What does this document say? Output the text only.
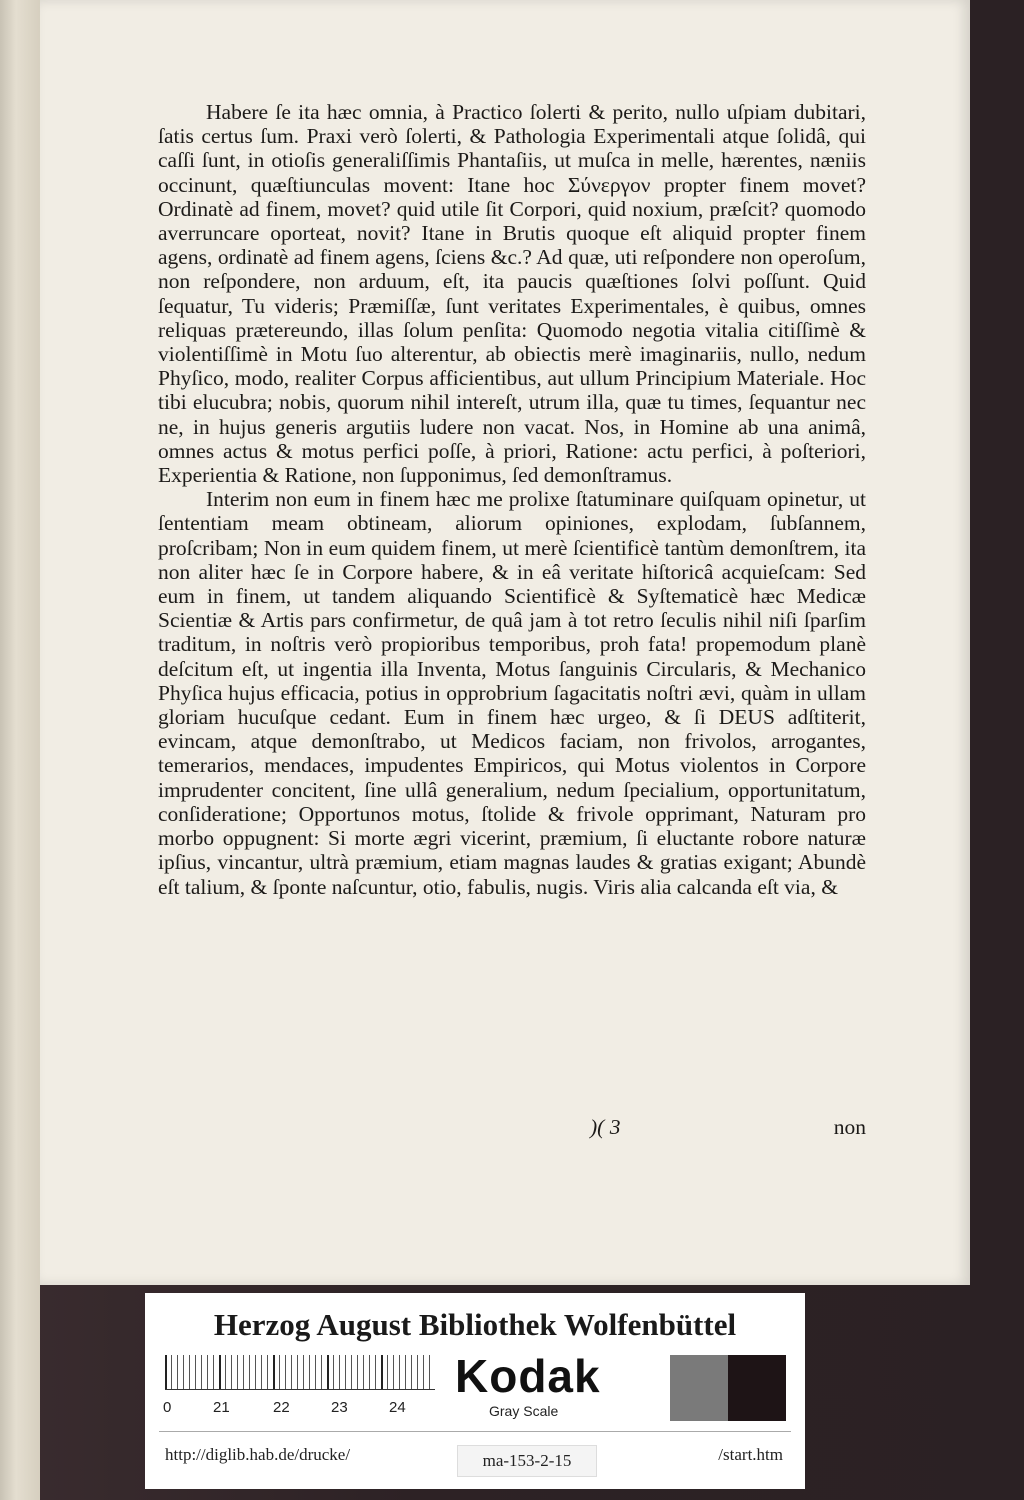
Habere ſe ita hæc omnia, à Practico ſolerti & perito, nullo uſpiam dubitari, ſatis certus ſum. Praxi verò ſolerti, & Pathologia Experimentali atque ſolidâ, qui caſſi ſunt, in otioſis generaliſſimis Phantaſiis, ut muſca in melle, hærentes, næniis occinunt, quæſtiunculas movent: Itane hoc Σύνεργον propter finem movet? Ordinatè ad finem, movet? quid utile ſit Corpori, quid noxium, præſcit? quomodo averruncare oporteat, novit? Itane in Brutis quoque eſt aliquid propter finem agens, ordinatè ad finem agens, ſciens &c.? Ad quæ, uti reſpondere non operoſum, non reſpondere, non arduum, eſt, ita paucis quæſtiones ſolvi poſſunt. Quid ſequatur, Tu videris; Præmiſſæ, ſunt veritates Experimentales, è quibus, omnes reliquas prætereundo, illas ſolum penſita: Quomodo negotia vitalia citiſſimè & violentiſſimè in Motu ſuo alterentur, ab obiectis merè imaginariis, nullo, nedum Phyſico, modo, realiter Corpus afficientibus, aut ullum Principium Materiale. Hoc tibi elucubra; nobis, quorum nihil intereſt, utrum illa, quæ tu times, ſequantur nec ne, in hujus generis argutiis ludere non vacat. Nos, in Homine ab una animâ, omnes actus & motus perfici poſſe, à priori, Ratione: actu perfici, à poſteriori, Experientia & Ratione, non ſupponimus, ſed demonſtramus.

Interim non eum in finem hæc me prolixe ſtatuminare quiſquam opinetur, ut ſententiam meam obtineam, aliorum opiniones, explodam, ſubſannem, proſcribam; Non in eum quidem finem, ut merè ſcientificè tantùm demonſtrem, ita non aliter hæc ſe in Corpore habere, & in eâ veritate hiſtoricâ acquieſcam: Sed eum in finem, ut tandem aliquando Scientificè & Syſtematicè hæc Medicæ Scientiæ & Artis pars confirmetur, de quâ jam à tot retro ſeculis nihil niſi ſparſim traditum, in noſtris verò propioribus temporibus, proh fata! propemodum planè deſcitum eſt, ut ingentia illa Inventa, Motus ſanguinis Circularis, & Mechanico Phyſica hujus efficacia, potius in opprobrium ſagacitatis noſtri ævi, quàm in ullam gloriam hucuſque cedant. Eum in finem hæc urgeo, & ſi DEUS adſtiterit, evincam, atque demonſtrabo, ut Medicos faciam, non frivolos, arrogantes, temerarios, mendaces, impudentes Empiricos, qui Motus violentos in Corpore imprudenter concitent, ſine ullâ generalium, nedum ſpecialium, opportunitatum, conſideratione; Opportunos motus, ſtolide & frivole opprimant, Naturam pro morbo oppugnent: Si morte ægri vicerint, præmium, ſi eluctante robore naturæ ipſius, vincantur, ultrà præmium, etiam magnas laudes & gratias exigant; Abundè eſt talium, & ſponte naſcuntur, otio, fabulis, nugis. Viris alia calcanda eſt via, &

)( 3	non
Herzog August Bibliothek Wolfenbüttel
0	21	22	23	24
Kodak
Gray Scale
http://diglib.hab.de/drucke/	ma-153-2-15	/start.htm
